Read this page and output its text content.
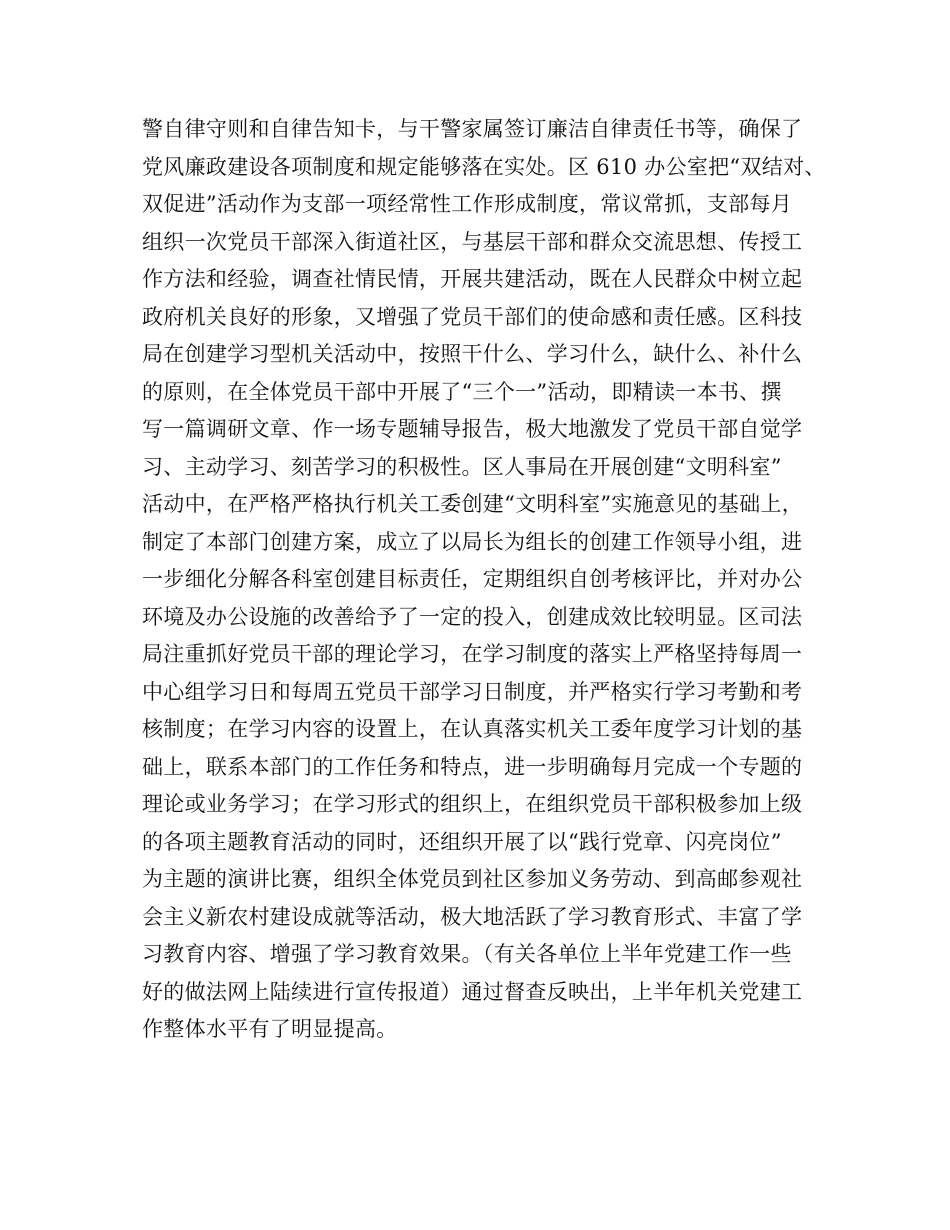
警自律守则和自律告知卡，与干警家属签订廉洁自律责任书等，确保了
党风廉政建设各项制度和规定能够落在实处。区 610 办公室把“双结对、
双促进”活动作为支部一项经常性工作形成制度，常议常抓，支部每月
组织一次党员干部深入街道社区，与基层干部和群众交流思想、传授工
作方法和经验，调查社情民情，开展共建活动，既在人民群众中树立起
政府机关良好的形象，又增强了党员干部们的使命感和责任感。区科技
局在创建学习型机关活动中，按照干什么、学习什么，缺什么、补什么
的原则，在全体党员干部中开展了“三个一”活动，即精读一本书、撰
写一篇调研文章、作一场专题辅导报告，极大地激发了党员干部自觉学
习、主动学习、刻苦学习的积极性。区人事局在开展创建“文明科室”
活动中，在严格严格执行机关工委创建“文明科室”实施意见的基础上，
制定了本部门创建方案，成立了以局长为组长的创建工作领导小组，进
一步细化分解各科室创建目标责任，定期组织自创考核评比，并对办公
环境及办公设施的改善给予了一定的投入，创建成效比较明显。区司法
局注重抓好党员干部的理论学习，在学习制度的落实上严格坚持每周一
中心组学习日和每周五党员干部学习日制度，并严格实行学习考勤和考
核制度；在学习内容的设置上，在认真落实机关工委年度学习计划的基
础上，联系本部门的工作任务和特点，进一步明确每月完成一个专题的
理论或业务学习；在学习形式的组织上，在组织党员干部积极参加上级
的各项主题教育活动的同时，还组织开展了以“践行党章、闪亮岗位”
为主题的演讲比赛，组织全体党员到社区参加义务劳动、到高邮参观社
会主义新农村建设成就等活动，极大地活跃了学习教育形式、丰富了学
习教育内容、增强了学习教育效果。（有关各单位上半年党建工作一些
好的做法网上陆续进行宣传报道）通过督查反映出，上半年机关党建工
作整体水平有了明显提高。
